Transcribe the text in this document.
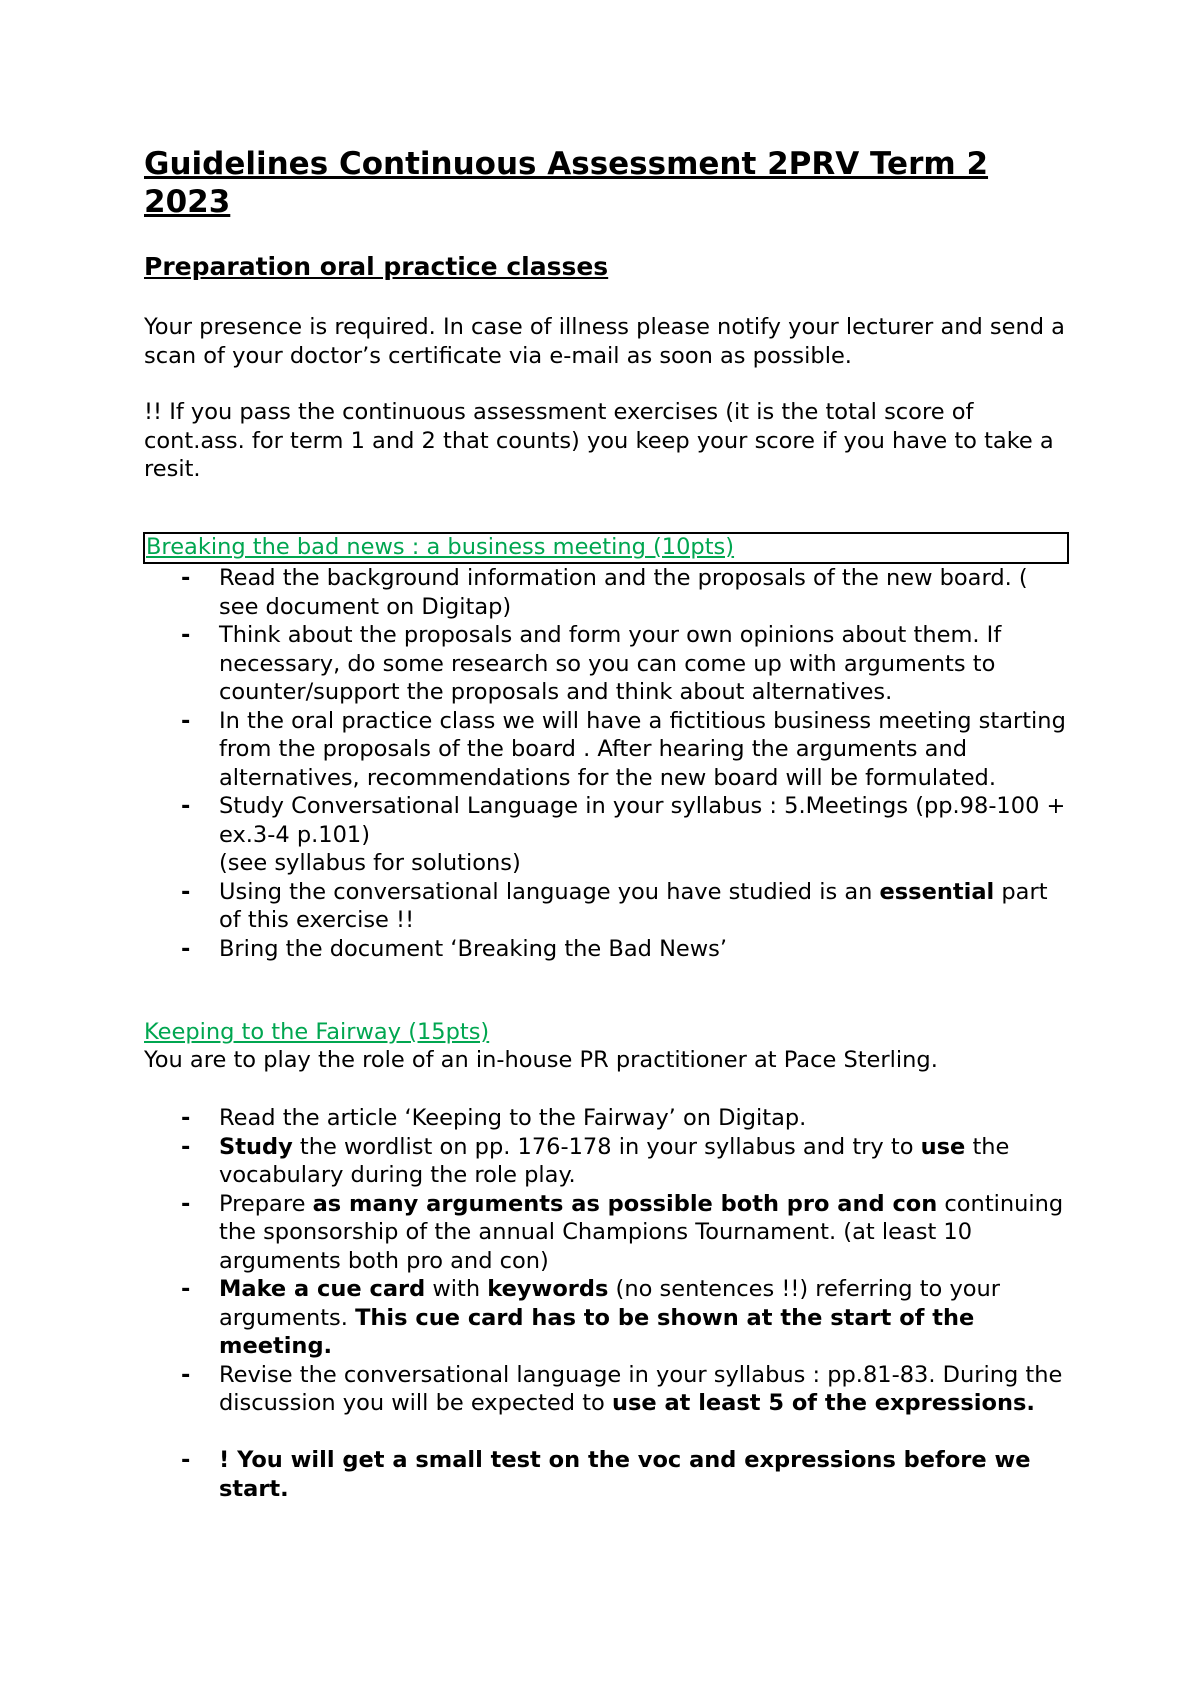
Guidelines Continuous Assessment 2PRV Term 2 2023
Preparation oral practice classes

Your presence is required. In case of illness please notify your lecturer and send a scan of your doctor’s certificate via e-mail as soon as possible.

!! If you pass the continuous assessment exercises (it is the total score of cont.ass. for term 1 and 2 that counts) you keep your score if you have to take a resit.

Breaking the bad news : a business meeting (10pts)

- Read the background information and the proposals of the new board. ( see document on Digitap)
- Think about the proposals and form your own opinions about them. If necessary, do some research so you can come up with arguments to counter/support the proposals and think about alternatives.
- In the oral practice class we will have a fictitious business meeting starting from the proposals of the board . After hearing the arguments and alternatives, recommendations for the new board will be formulated.
- Study Conversational Language in your syllabus : 5.Meetings (pp.98-100 + ex.3-4 p.101)
(see syllabus for solutions)
- Using the conversational language you have studied is an essential part of this exercise !!
- Bring the document ‘Breaking the Bad News’

Keeping to the Fairway (15pts)

You are to play the role of an in-house PR practitioner at Pace Sterling.

- Read the article ‘Keeping to the Fairway’ on Digitap.
- Study the wordlist on pp. 176-178 in your syllabus and try to use the vocabulary during the role play.
- Prepare as many arguments as possible both pro and con continuing the sponsorship of the annual Champions Tournament. (at least 10 arguments both pro and con)
- Make a cue card with keywords (no sentences !!) referring to your arguments. This cue card has to be shown at the start of the meeting.
- Revise the conversational language in your syllabus : pp.81-83. During the discussion you will be expected to use at least 5 of the expressions.
- ! You will get a small test on the voc and expressions before we start.
